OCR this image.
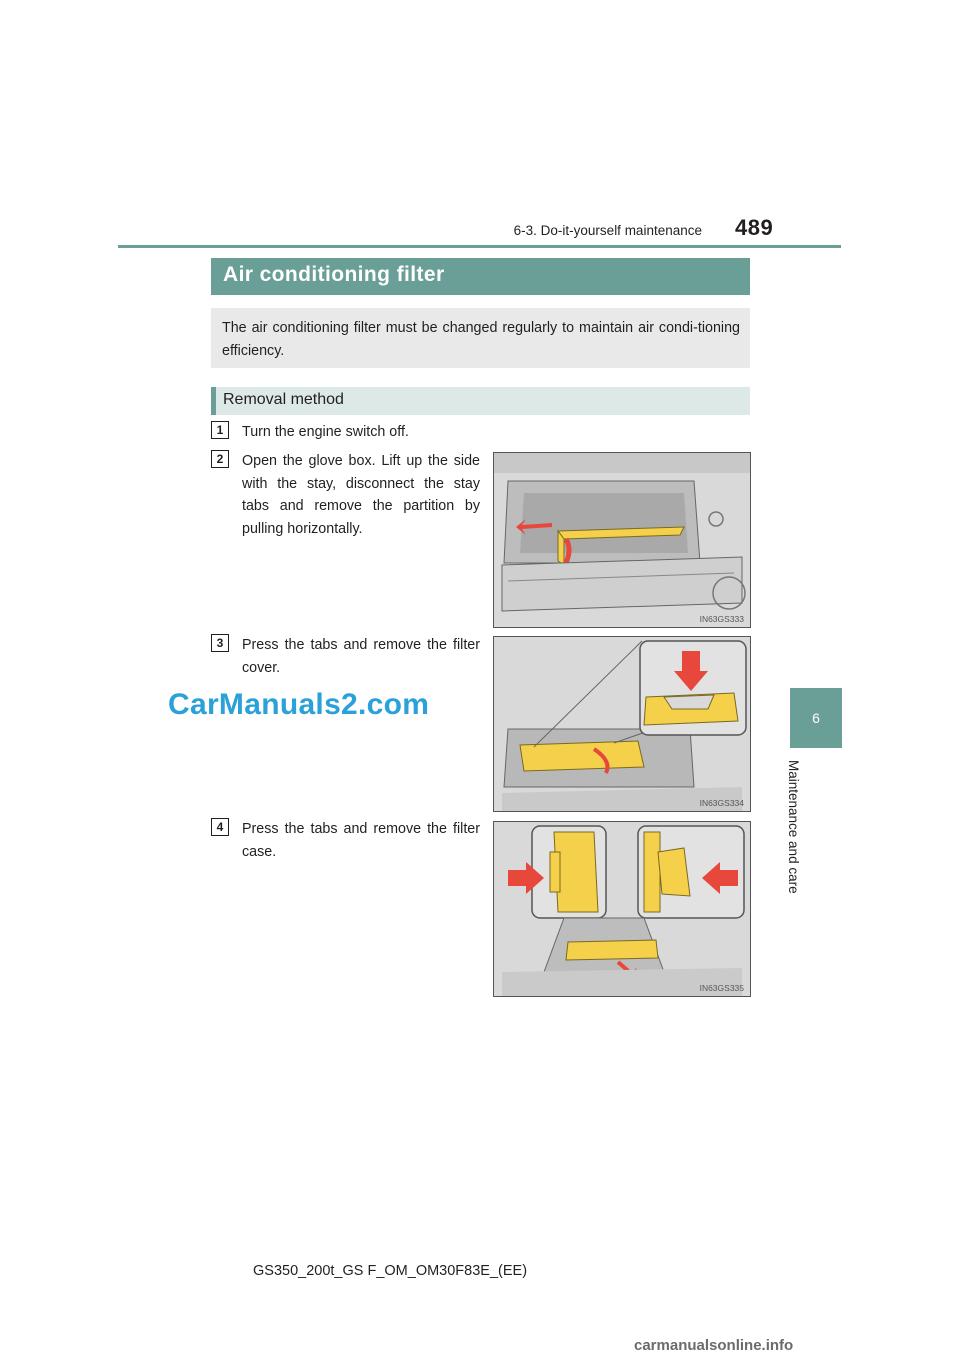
6-3. Do-it-yourself maintenance 489
6
Maintenance and care
Air conditioning filter
The air conditioning filter must be changed regularly to maintain air condi-tioning efficiency.
Removal method
1	Turn the engine switch off.
2	Open the glove box. Lift up the side with the stay, disconnect the stay tabs and remove the partition by pulling horizontally.
IN63GS333
3	Press the tabs and remove the filter cover.
IN63GS334
4	Press the tabs and remove the filter case.
IN63GS335
CarManuals2.com
GS350_200t_GS F_OM_OM30F83E_(EE)
carmanualsonline.info
